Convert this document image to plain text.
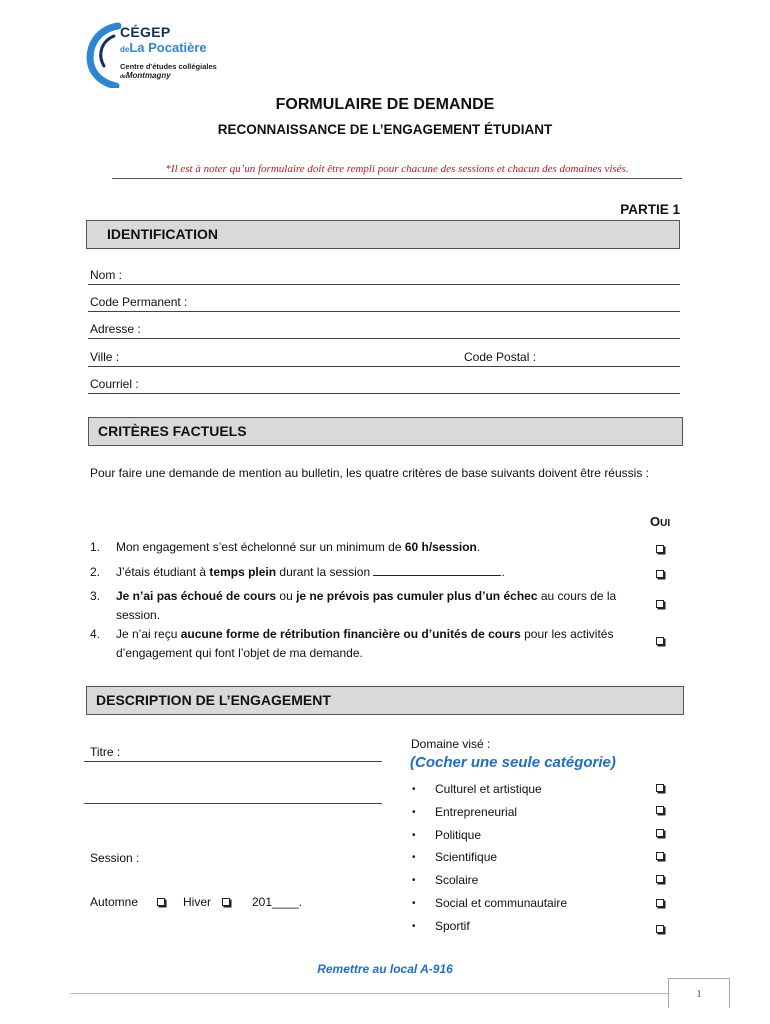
CÉGEP
deLa Pocatière
Centre d'études collégiales
deMontmagny
FORMULAIRE DE DEMANDE
RECONNAISSANCE DE L’ENGAGEMENT ÉTUDIANT
*Il est à noter qu’un formulaire doit être rempli pour chacune des sessions et chacun des domaines visés.
PARTIE 1
IDENTIFICATION
Nom :
Code Permanent :
Adresse :
Ville :	Code Postal :
Courriel :
CRITÈRES FACTUELS
Pour faire une demande de mention au bulletin, les quatre critères de base suivants doivent être réussis :
OUI
1. Mon engagement s’est échelonné sur un minimum de 60 h/session.
2. J’étais étudiant à temps plein durant la session	.
3. Je n’ai pas échoué de cours ou je ne prévois pas cumuler plus d’un échec au cours de la session.
4. Je n’ai reçu aucune forme de rétribution financière ou d’unités de cours pour les activités d’engagement qui font l’objet de ma demande.
DESCRIPTION DE L’ENGAGEMENT
Titre :
Session :
Automne	Hiver	201____.
Domaine visé :
(Cocher une seule catégorie)
• Culturel et artistique
• Entrepreneurial
• Politique
• Scientifique
• Scolaire
• Social et communautaire
• Sportif
Remettre au local A-916
1
